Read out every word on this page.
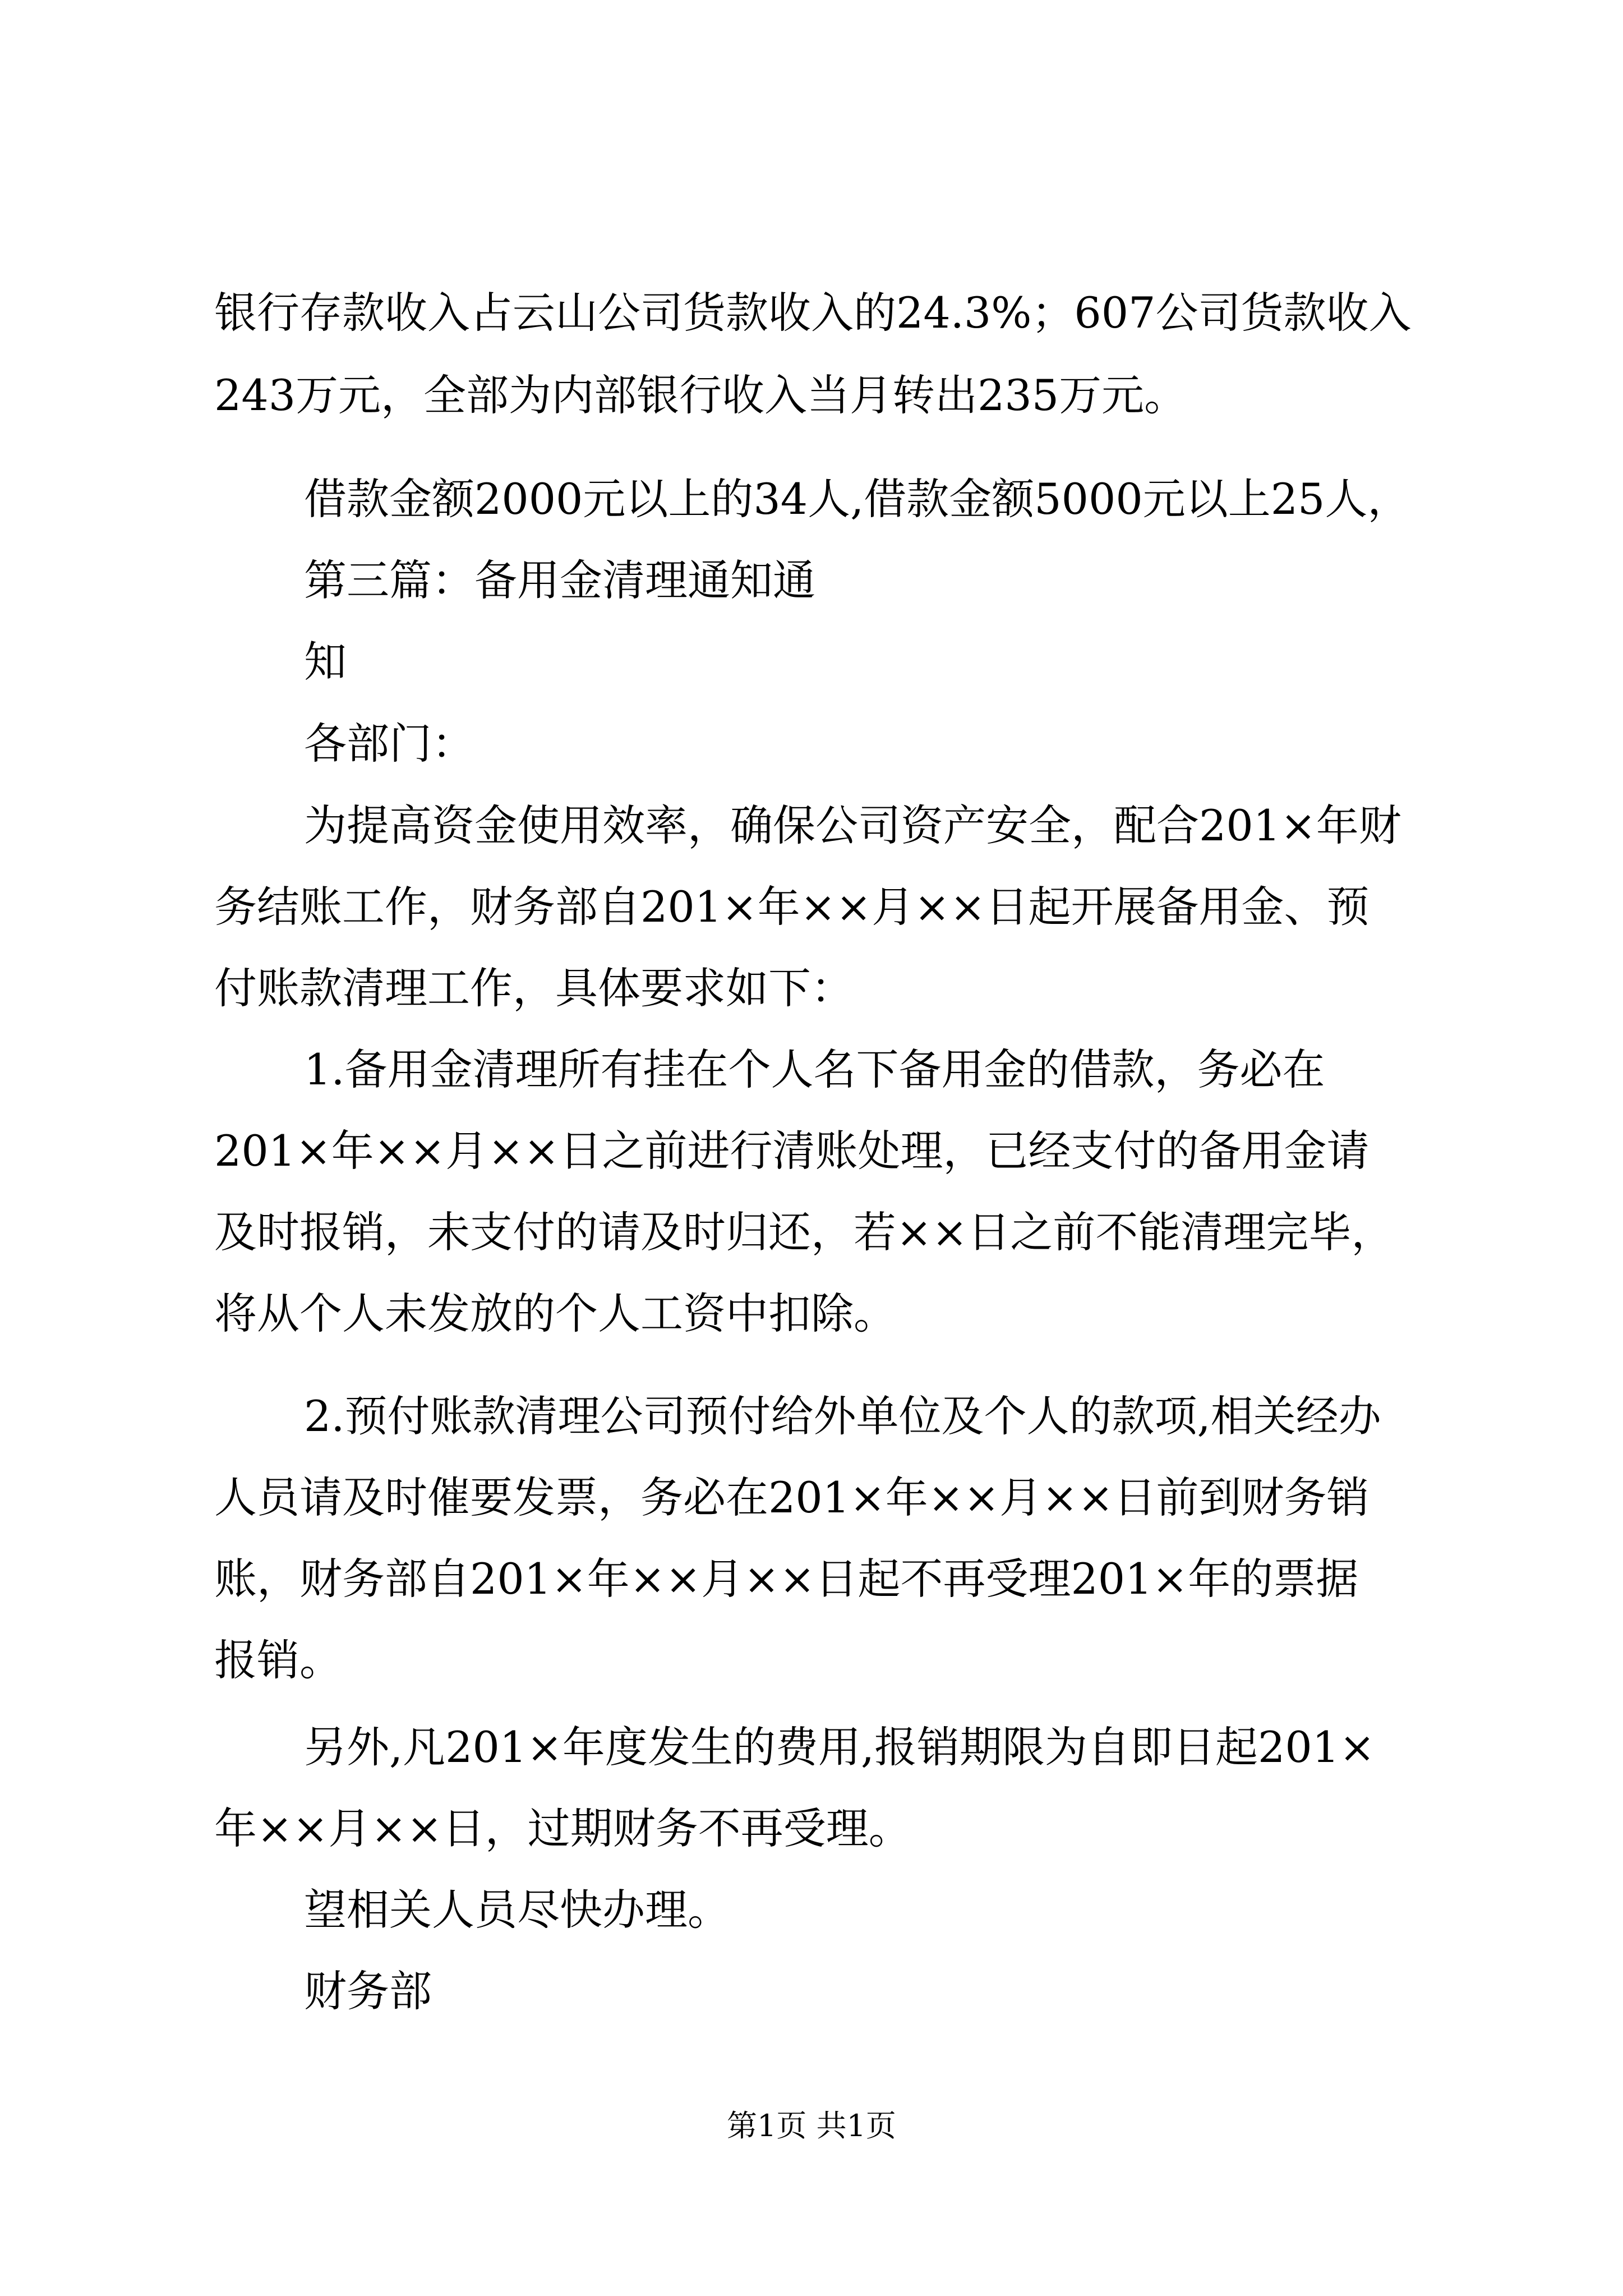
银行存款收入占云山公司货款收入的24.3%；607公司货款收入
243万元，全部为内部银行收入当月转出235万元。
借款金额2000元以上的34人,借款金额5000元以上25人，
第三篇：备用金清理通知通
知
各部门：
为提高资金使用效率，确保公司资产安全，配合201×年财
务结账工作，财务部自201×年××月××日起开展备用金、预
付账款清理工作，具体要求如下：
1.备用金清理所有挂在个人名下备用金的借款，务必在
201×年××月××日之前进行清账处理，已经支付的备用金请
及时报销，未支付的请及时归还，若××日之前不能清理完毕，
将从个人未发放的个人工资中扣除。
2.预付账款清理公司预付给外单位及个人的款项,相关经办
人员请及时催要发票，务必在201×年××月××日前到财务销
账，财务部自201×年××月××日起不再受理201×年的票据
报销。
另外,凡201×年度发生的费用,报销期限为自即日起201×
年××月××日，过期财务不再受理。
望相关人员尽快办理。
财务部
第1页 共1页
